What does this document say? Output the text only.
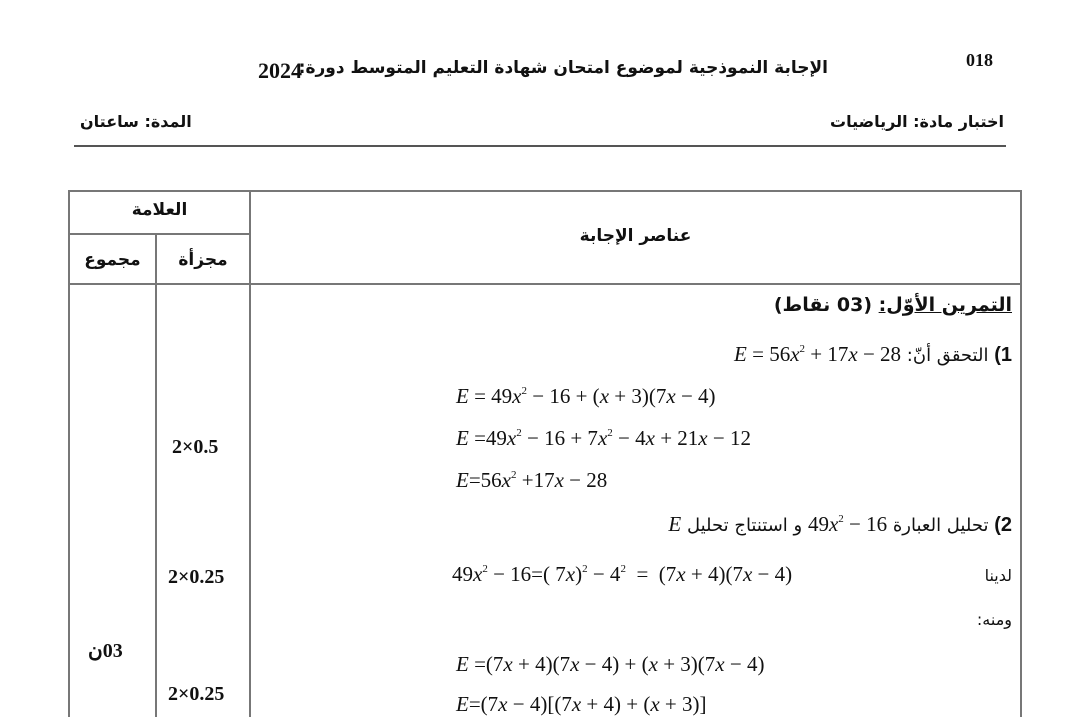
018
الإجابة النموذجية لموضوع امتحان شهادة التعليم المتوسط دورة:
2024
اختبار مادة: الرياضيات
المدة: ساعتان
العلامة
مجزأة
مجموع
عناصر الإجابة
2×0.5
2×0.25
2×0.25
03ن
التمرين الأوّل: (03 نقاط)
1) التحقق أنّ: $E = 56x^2 + 17x - 28$
$E = 49x^2 - 16 + (x + 3)(7x - 4)$
$E =49x^2 - 16 + 7x^2 - 4x + 21x - 12$
$E=56x^2 +17x - 28$
2) تحليل العبارة $49x^2 - 16$ و استنتاج تحليل E
لدينا
$49x^2 - 16=$( $7x)^2 - 4^2 = (7x + 4)(7x - 4)$
ومنه:
E =(7x + 4)(7x − 4) + (x + 3)(7x − 4)
E=(7x − 4)[(7x + 4) + (x + 3)]
